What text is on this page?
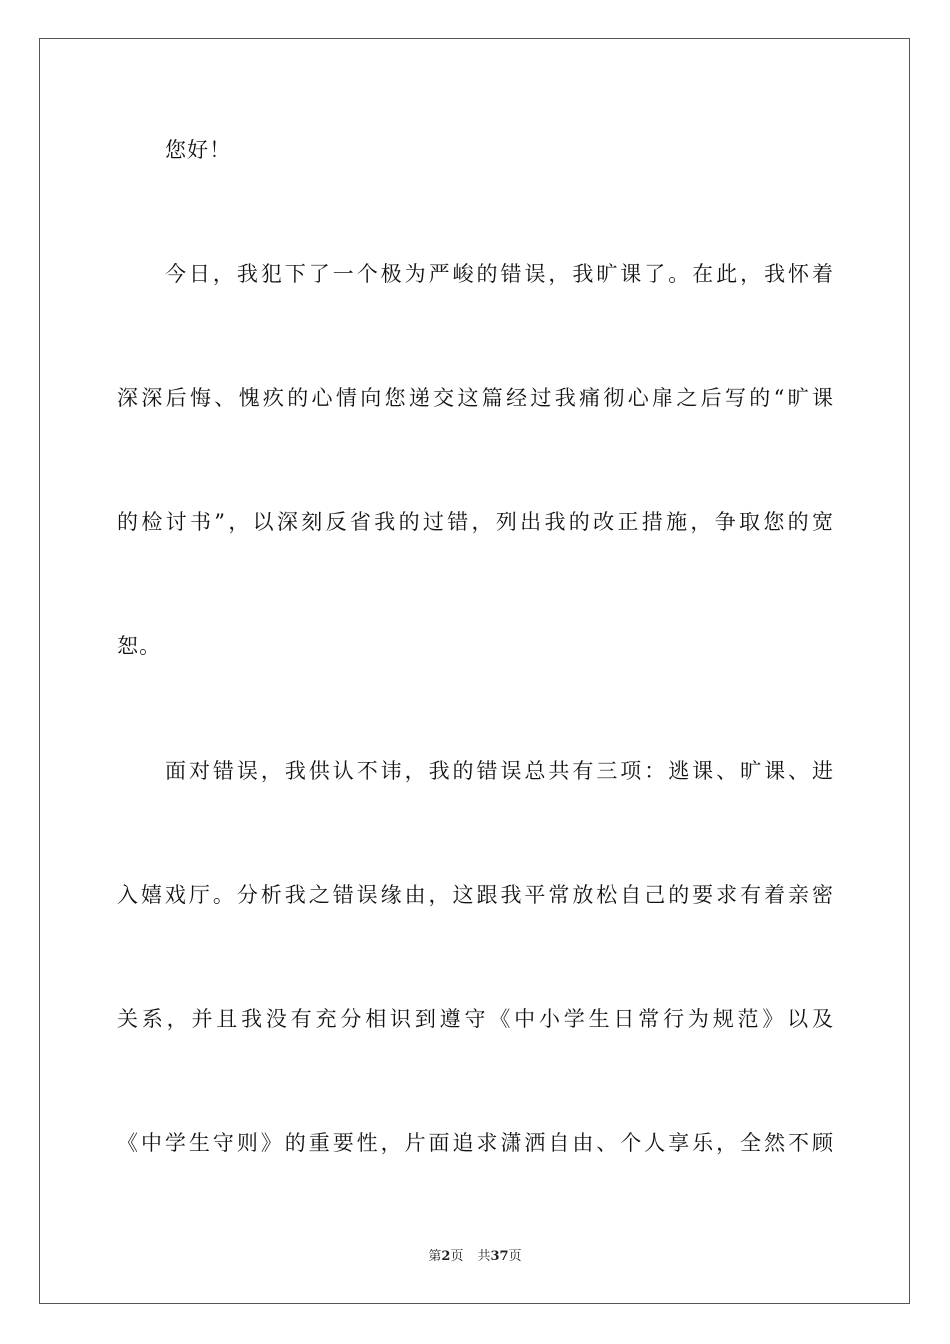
您好！

今日，我犯下了一个极为严峻的错误，我旷课了。在此，我怀着

深深后悔、愧疚的心情向您递交这篇经过我痛彻心扉之后写的“旷课

的检讨书”，以深刻反省我的过错，列出我的改正措施，争取您的宽

恕。

面对错误，我供认不讳，我的错误总共有三项：逃课、旷课、进

入嬉戏厅。分析我之错误缘由，这跟我平常放松自己的要求有着亲密

关系，并且我没有充分相识到遵守《中小学生日常行为规范》以及

《中学生守则》的重要性，片面追求潇洒自由、个人享乐，全然不顾

第2页 共37页
